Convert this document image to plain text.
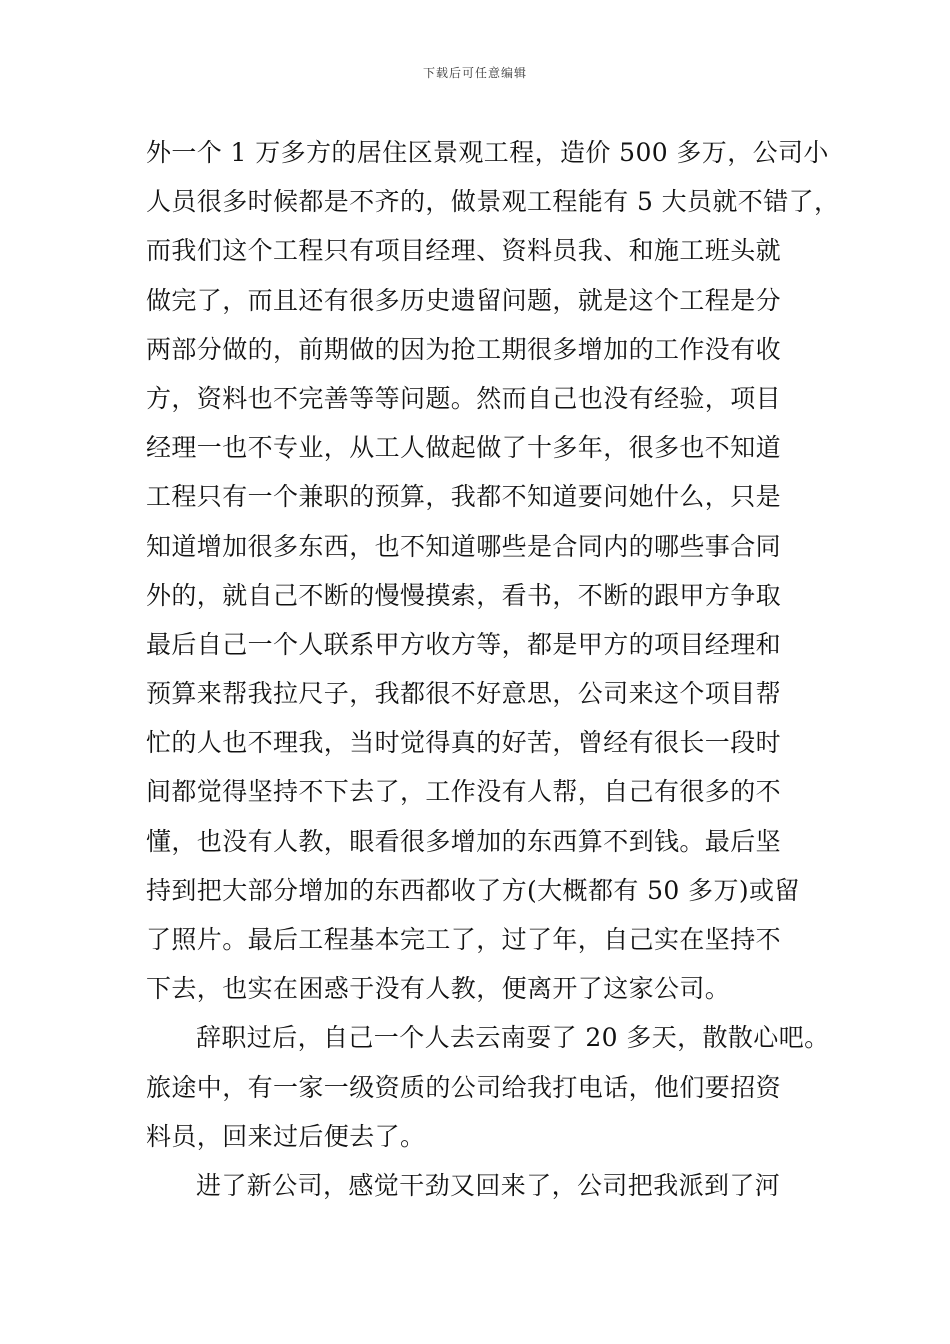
下载后可任意编辑
外一个 1 万多方的居住区景观工程，造价 500 多万，公司小
人员很多时候都是不齐的，做景观工程能有 5 大员就不错了，
而我们这个工程只有项目经理、资料员我、和施工班头就
做完了，而且还有很多历史遗留问题，就是这个工程是分
两部分做的，前期做的因为抢工期很多增加的工作没有收
方，资料也不完善等等问题。然而自己也没有经验，项目
经理一也不专业，从工人做起做了十多年，很多也不知道
工程只有一个兼职的预算，我都不知道要问她什么，只是
知道增加很多东西，也不知道哪些是合同内的哪些事合同
外的，就自己不断的慢慢摸索，看书，不断的跟甲方争取
最后自己一个人联系甲方收方等，都是甲方的项目经理和
预算来帮我拉尺子，我都很不好意思，公司来这个项目帮
忙的人也不理我，当时觉得真的好苦，曾经有很长一段时
间都觉得坚持不下去了，工作没有人帮，自己有很多的不
懂，也没有人教，眼看很多增加的东西算不到钱。最后坚
持到把大部分增加的东西都收了方(大概都有 50 多万)或留
了照片。最后工程基本完工了，过了年，自己实在坚持不
下去，也实在困惑于没有人教，便离开了这家公司。
辞职过后，自己一个人去云南耍了 20 多天，散散心吧。
旅途中，有一家一级资质的公司给我打电话，他们要招资
料员，回来过后便去了。
进了新公司，感觉干劲又回来了，公司把我派到了河
